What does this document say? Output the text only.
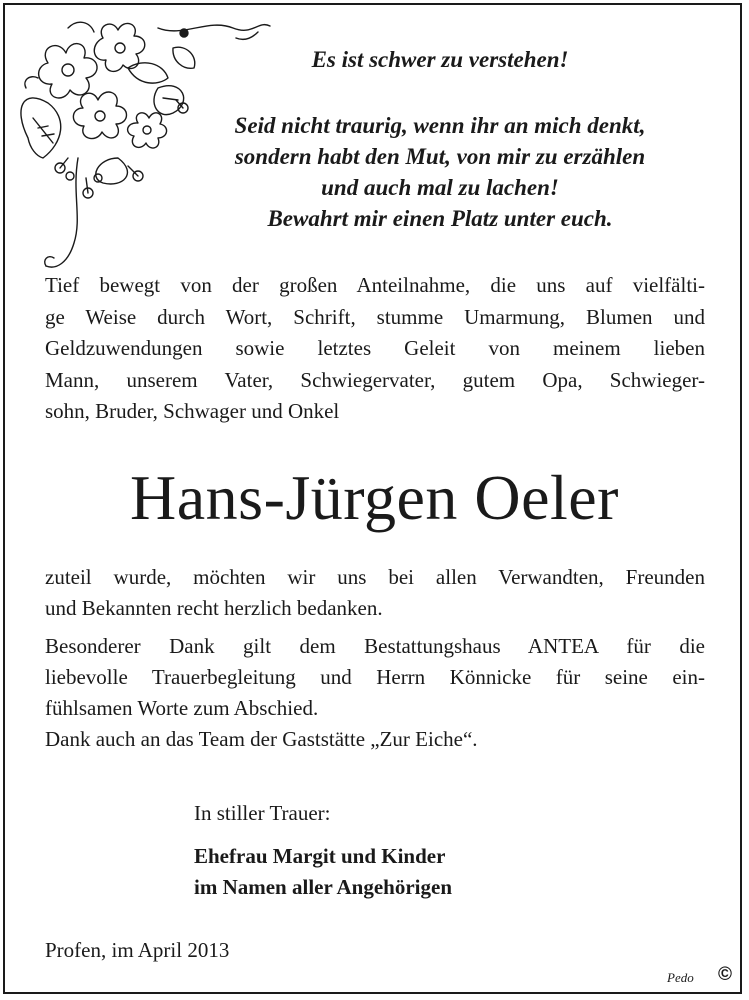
Es ist schwer zu verstehen!
Seid nicht traurig, wenn ihr an mich denkt,
sondern habt den Mut, von mir zu erzählen
und auch mal zu lachen!
Bewahrt mir einen Platz unter euch.
Tief bewegt von der großen Anteilnahme, die uns auf vielfälti-
ge Weise durch Wort, Schrift, stumme Umarmung, Blumen und
Geldzuwendungen sowie letztes Geleit von meinem lieben
Mann, unserem Vater, Schwiegervater, gutem Opa, Schwieger-
sohn, Bruder, Schwager und Onkel
Hans-Jürgen Oeler
zuteil wurde, möchten wir uns bei allen Verwandten, Freunden
und Bekannten recht herzlich bedanken.
Besonderer Dank gilt dem Bestattungshaus ANTEA für die
liebevolle Trauerbegleitung und Herrn Könnicke für seine ein-
fühlsamen Worte zum Abschied.
Dank auch an das Team der Gaststätte „Zur Eiche“.
In stiller Trauer:
Ehefrau Margit und Kinder
im Namen aller Angehörigen
Profen, im April 2013
Pedo ©
